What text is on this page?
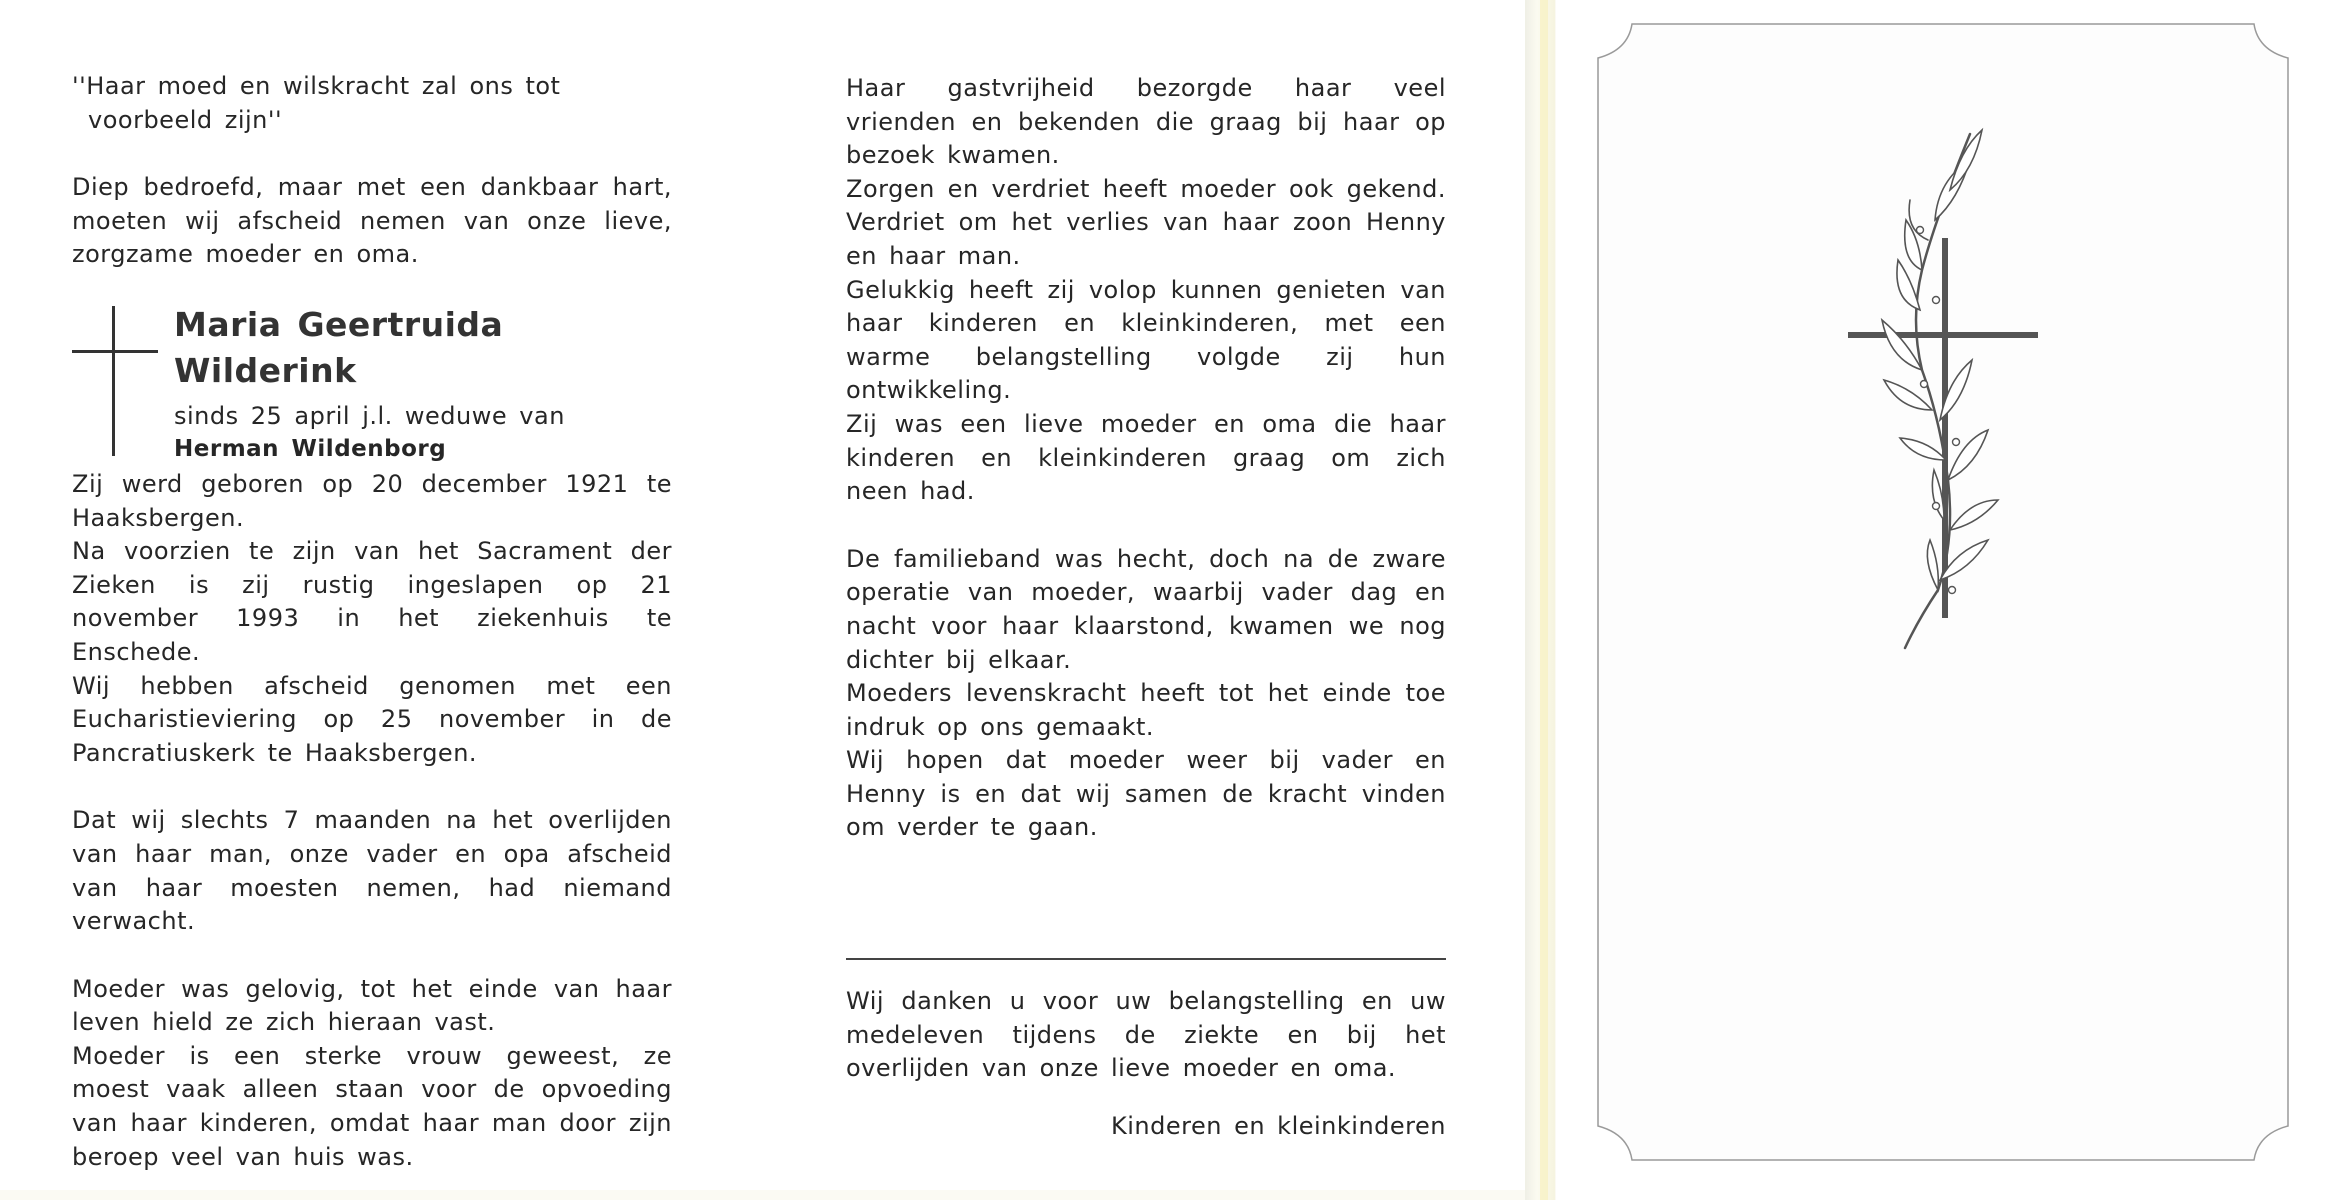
''Haar moed en wilskracht zal ons tot
voorbeeld zijn''

Diep bedroefd, maar met een dankbaar hart, moeten wij afscheid nemen van onze lieve, zorgzame moeder en oma.

Maria Geertruida
Wilderink
sinds 25 april j.l. weduwe van
Herman Wildenborg

Zij werd geboren op 20 december 1921 te Haaksbergen.

Na voorzien te zijn van het Sacrament der Zieken is zij rustig ingeslapen op 21 november 1993 in het ziekenhuis te Enschede.

Wij hebben afscheid genomen met een Eucharistieviering op 25 november in de Pancratiuskerk te Haaksbergen.

Dat wij slechts 7 maanden na het overlijden van haar man, onze vader en opa afscheid van haar moesten nemen, had niemand verwacht.

Moeder was gelovig, tot het einde van haar leven hield ze zich hieraan vast.

Moeder is een sterke vrouw geweest, ze moest vaak alleen staan voor de opvoeding van haar kinderen, omdat haar man door zijn beroep veel van huis was.

Haar gastvrijheid bezorgde haar veel vrienden en bekenden die graag bij haar op bezoek kwamen.

Zorgen en verdriet heeft moeder ook gekend. Verdriet om het verlies van haar zoon Henny en haar man.

Gelukkig heeft zij volop kunnen genieten van haar kinderen en kleinkinderen, met een warme belangstelling volgde zij hun ontwikkeling.

Zij was een lieve moeder en oma die haar kinderen en kleinkinderen graag om zich neen had.

De familieband was hecht, doch na de zware operatie van moeder, waarbij vader dag en nacht voor haar klaarstond, kwamen we nog dichter bij elkaar.

Moeders levenskracht heeft tot het einde toe indruk op ons gemaakt.

Wij hopen dat moeder weer bij vader en Henny is en dat wij samen de kracht vinden om verder te gaan.

Wij danken u voor uw belangstelling en uw medeleven tijdens de ziekte en bij het overlijden van onze lieve moeder en oma.

Kinderen en kleinkinderen
